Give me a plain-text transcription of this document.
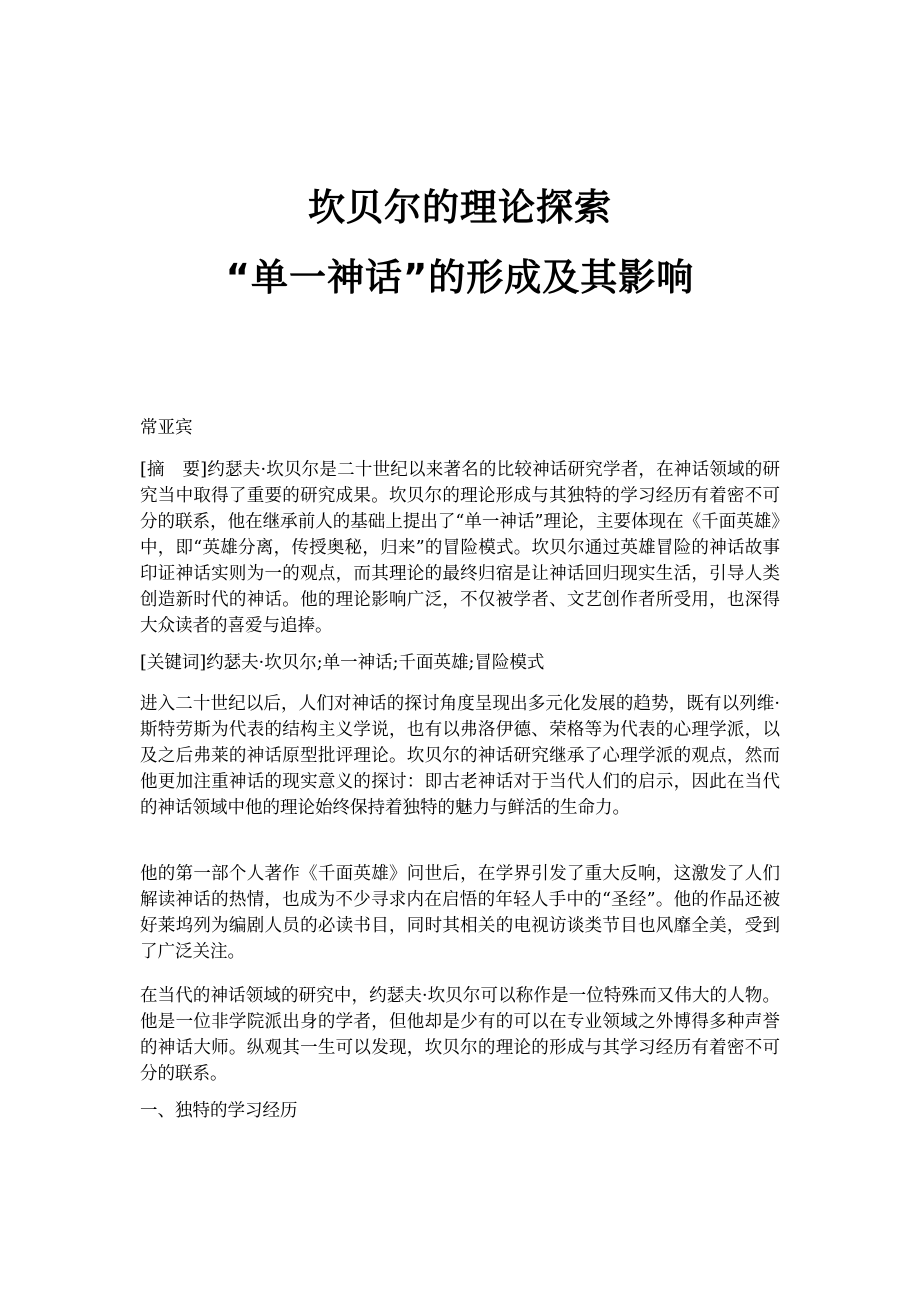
坎贝尔的理论探索
“单一神话”的形成及其影响

常亚宾

[摘　要]约瑟夫·坎贝尔是二十世纪以来著名的比较神话研究学者，在神话领域的研究当中取得了重要的研究成果。坎贝尔的理论形成与其独特的学习经历有着密不可分的联系，他在继承前人的基础上提出了“单一神话”理论，主要体现在《千面英雄》中，即“英雄分离，传授奥秘，归来”的冒险模式。坎贝尔通过英雄冒险的神话故事印证神话实则为一的观点，而其理论的最终归宿是让神话回归现实生活，引导人类创造新时代的神话。他的理论影响广泛，不仅被学者、文艺创作者所受用，也深得大众读者的喜爱与追捧。

[关键词]约瑟夫·坎贝尔;单一神话;千面英雄;冒险模式

进入二十世纪以后，人们对神话的探讨角度呈现出多元化发展的趋势，既有以列维·斯特劳斯为代表的结构主义学说，也有以弗洛伊德、荣格等为代表的心理学派，以及之后弗莱的神话原型批评理论。坎贝尔的神话研究继承了心理学派的观点，然而他更加注重神话的现实意义的探讨：即古老神话对于当代人们的启示，因此在当代的神话领域中他的理论始终保持着独特的魅力与鲜活的生命力。

他的第一部个人著作《千面英雄》问世后，在学界引发了重大反响，这激发了人们解读神话的热情，也成为不少寻求内在启悟的年轻人手中的“圣经”。他的作品还被好莱坞列为编剧人员的必读书目，同时其相关的电视访谈类节目也风靡全美，受到了广泛关注。

在当代的神话领域的研究中，约瑟夫·坎贝尔可以称作是一位特殊而又伟大的人物。他是一位非学院派出身的学者，但他却是少有的可以在专业领域之外博得多种声誉的神话大师。纵观其一生可以发现，坎贝尔的理论的形成与其学习经历有着密不可分的联系。

一、独特的学习经历
